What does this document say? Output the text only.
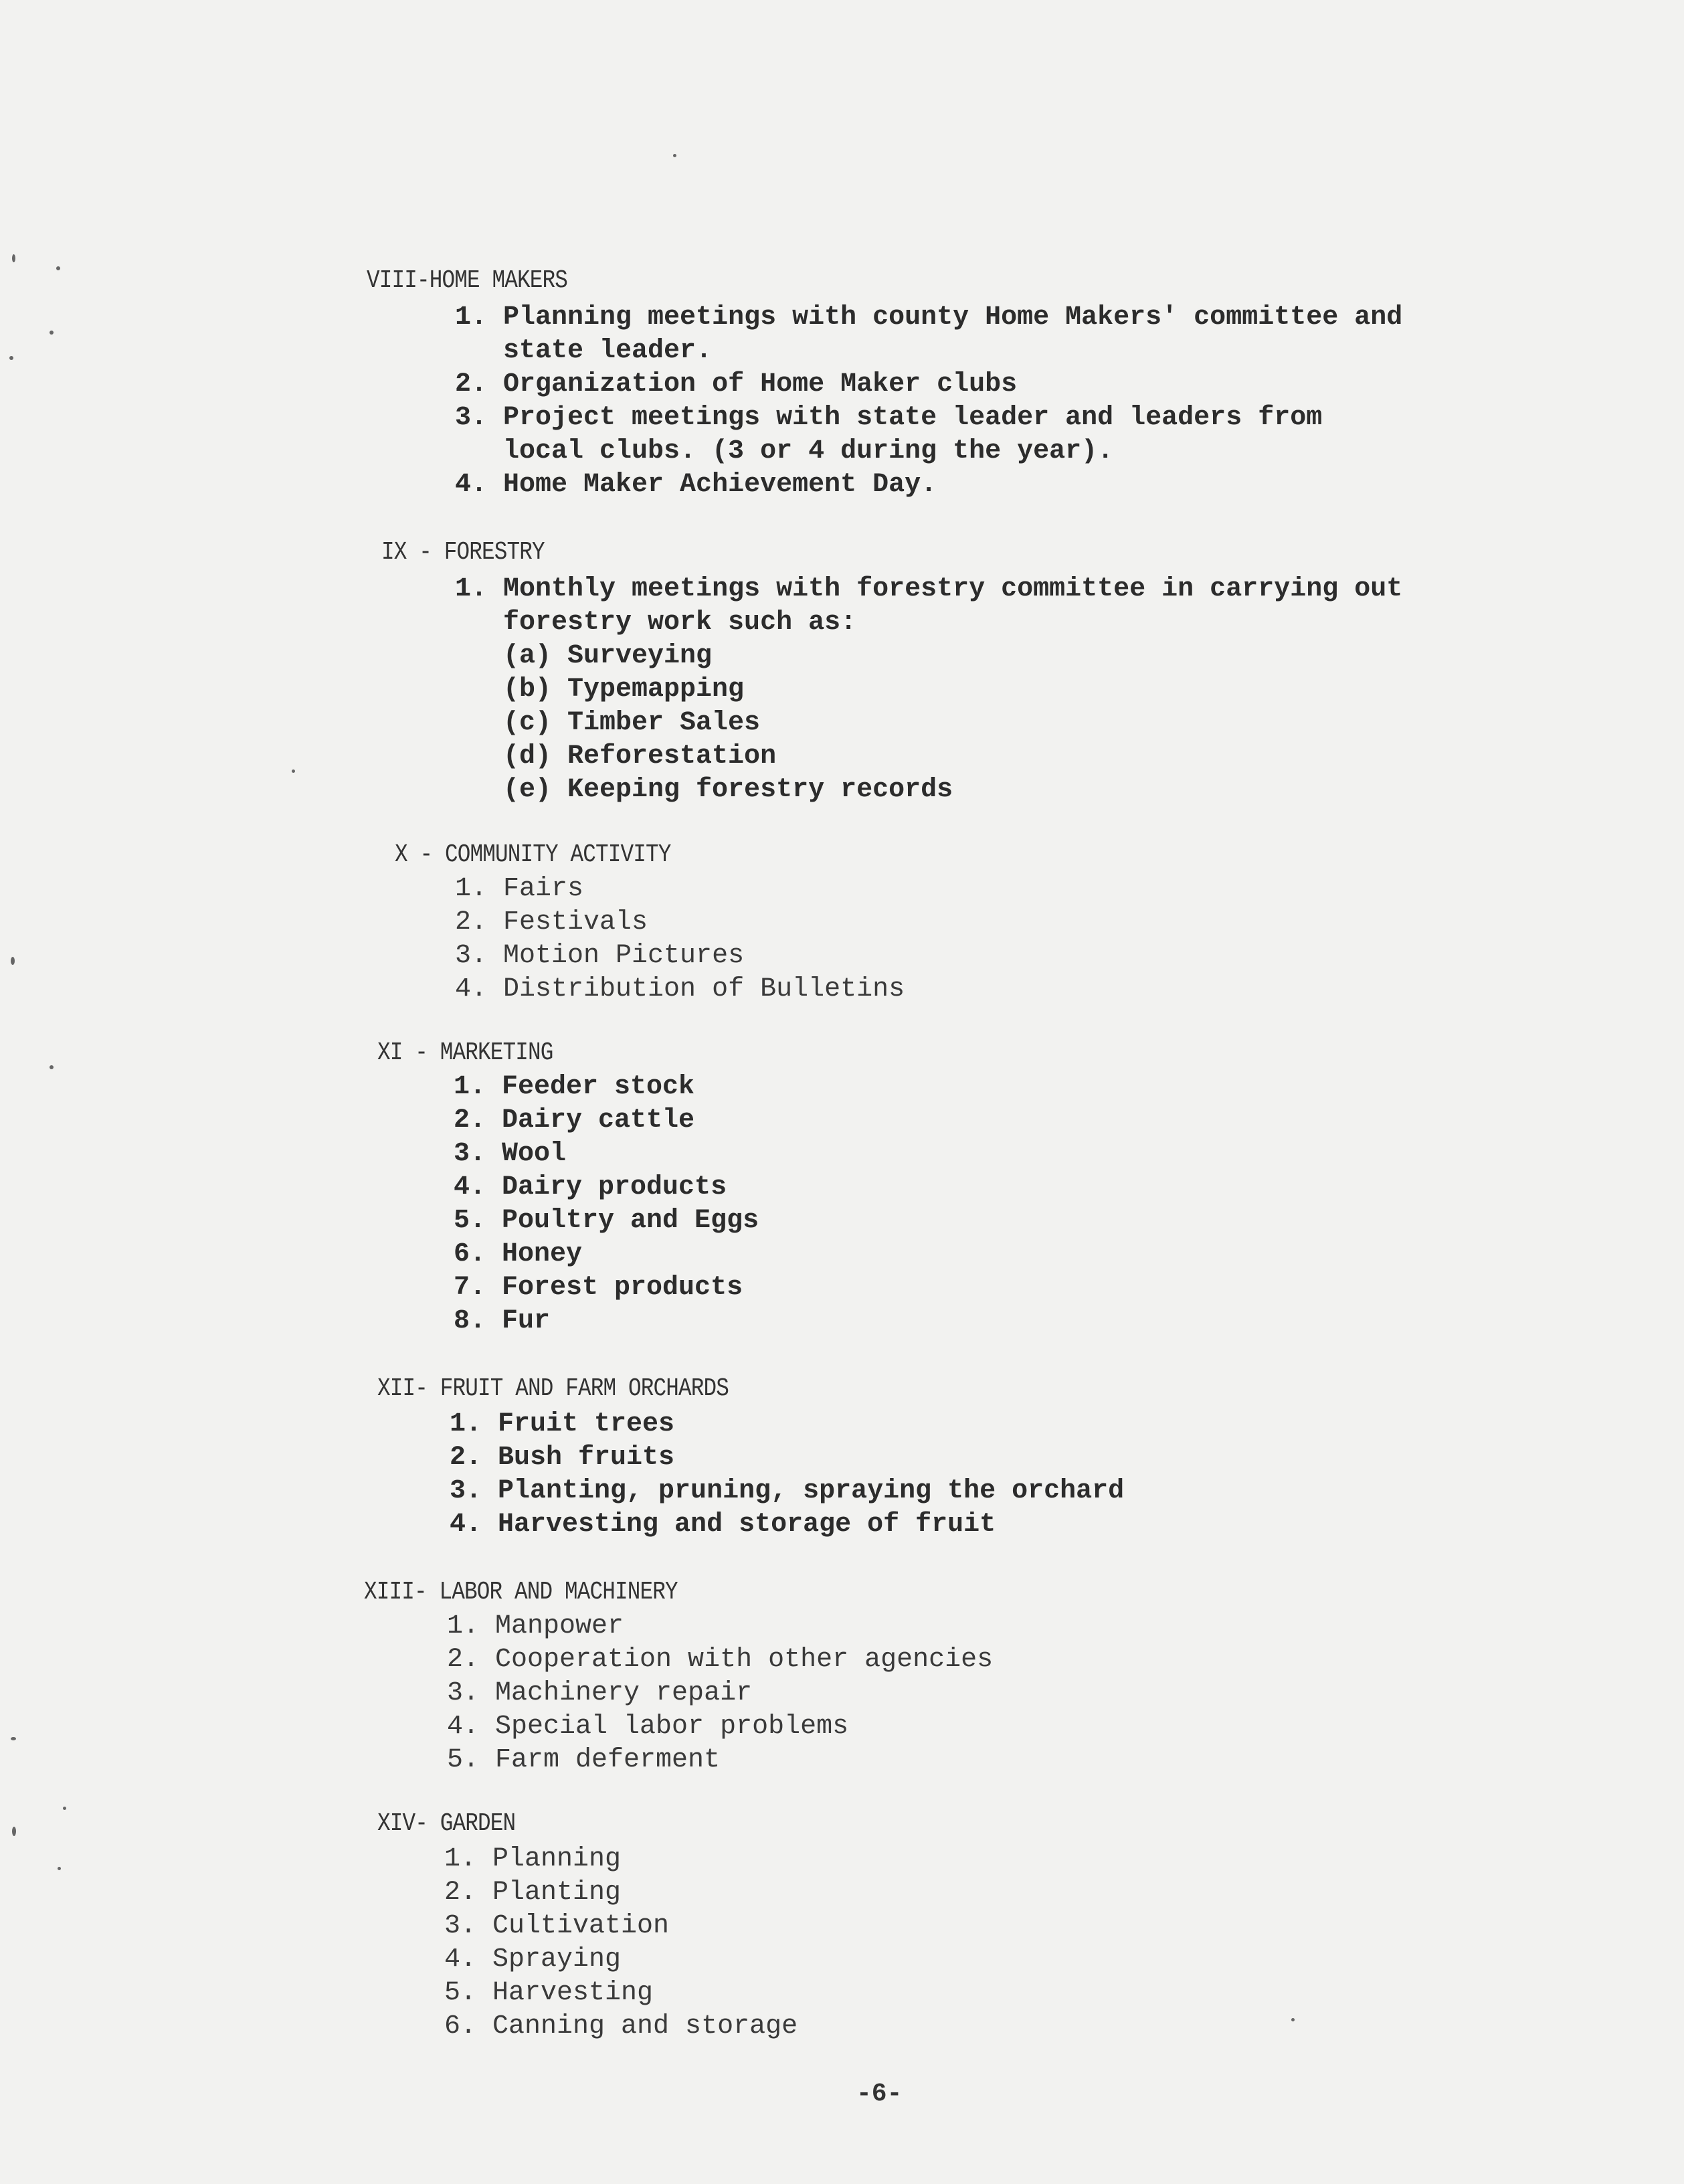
VIII-HOME MAKERS
1. Planning meetings with county Home Makers' committee and
state leader.
2. Organization of Home Maker clubs
3. Project meetings with state leader and leaders from
local clubs. (3 or 4 during the year).
4. Home Maker Achievement Day.
IX - FORESTRY
1. Monthly meetings with forestry committee in carrying out
forestry work such as:
(a) Surveying
(b) Typemapping
(c) Timber Sales
(d) Reforestation
(e) Keeping forestry records
X - COMMUNITY ACTIVITY
1. Fairs
2. Festivals
3. Motion Pictures
4. Distribution of Bulletins
XI - MARKETING
1. Feeder stock
2. Dairy cattle
3. Wool
4. Dairy products
5. Poultry and Eggs
6. Honey
7. Forest products
8. Fur
XII- FRUIT AND FARM ORCHARDS
1. Fruit trees
2. Bush fruits
3. Planting, pruning, spraying the orchard
4. Harvesting and storage of fruit
XIII- LABOR AND MACHINERY
1. Manpower
2. Cooperation with other agencies
3. Machinery repair
4. Special labor problems
5. Farm deferment
XIV- GARDEN
1. Planning
2. Planting
3. Cultivation
4. Spraying
5. Harvesting
6. Canning and storage
-6-
